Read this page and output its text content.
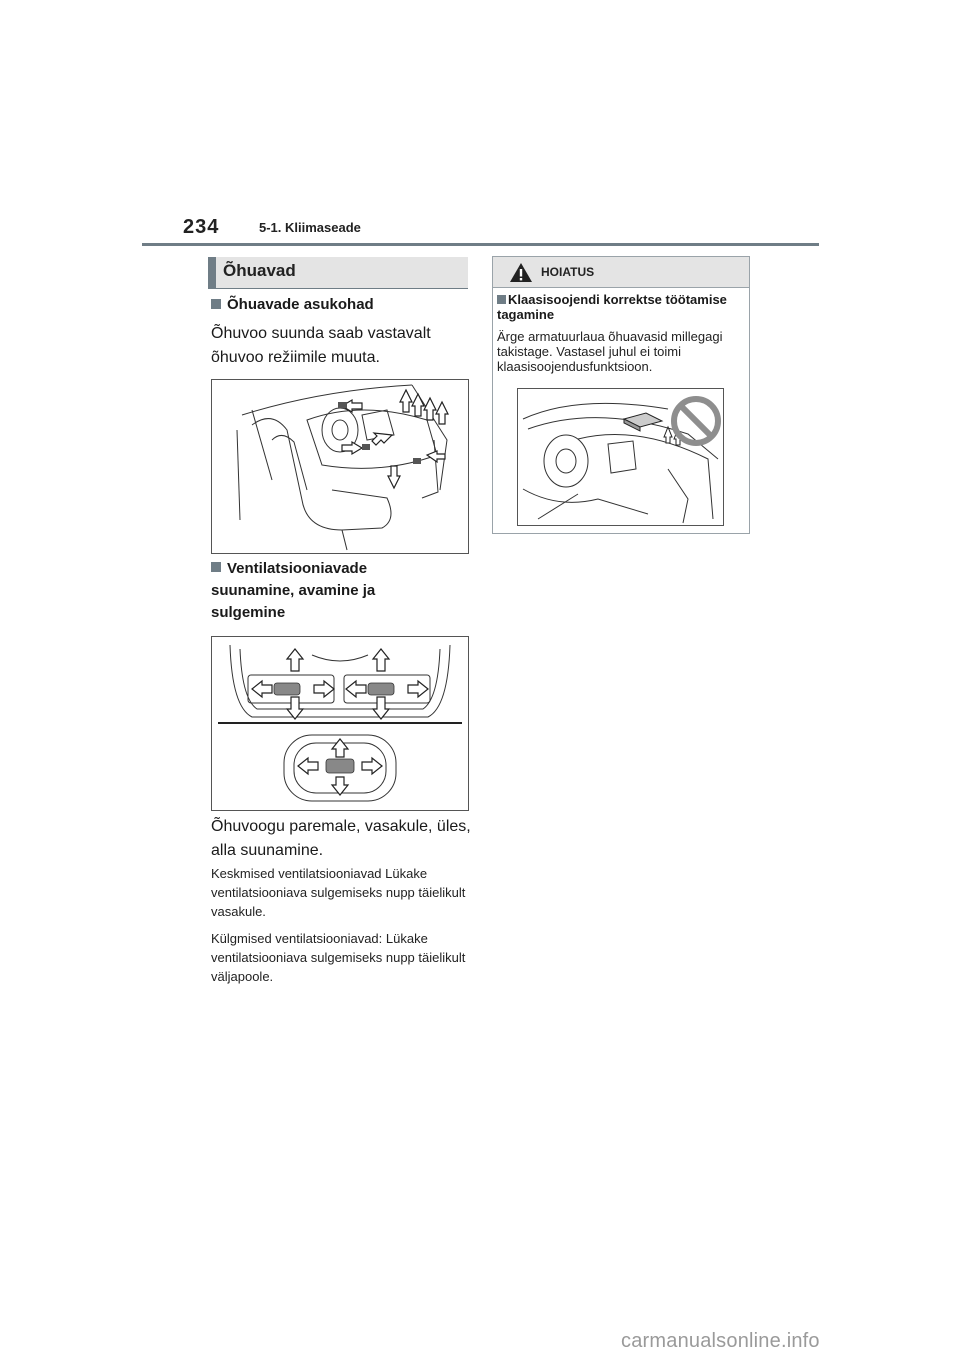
234	5-1. Kliimaseade
Õhuavad
Õhuavade asukohad
Õhuvoo suunda saab vastavalt õhuvoo režiimile muuta.
Ventilatsiooniavade suunamine, avamine ja sulgemine
Õhuvoogu paremale, vasakule, üles, alla suunamine.
Keskmised ventilatsiooniavad Lükake ventilatsiooniava sulgemiseks nupp täielikult vasakule.
Külgmised ventilatsiooniavad: Lükake ventilatsiooniava sulgemiseks nupp täielikult väljapoole.
HOIATUS
Klaasisoojendi korrektse töötamise tagamine
Ärge armatuurlaua õhuavasid millegagi takistage. Vastasel juhul ei toimi klaasisoojendusfunktsioon.
carmanualsonline.info
